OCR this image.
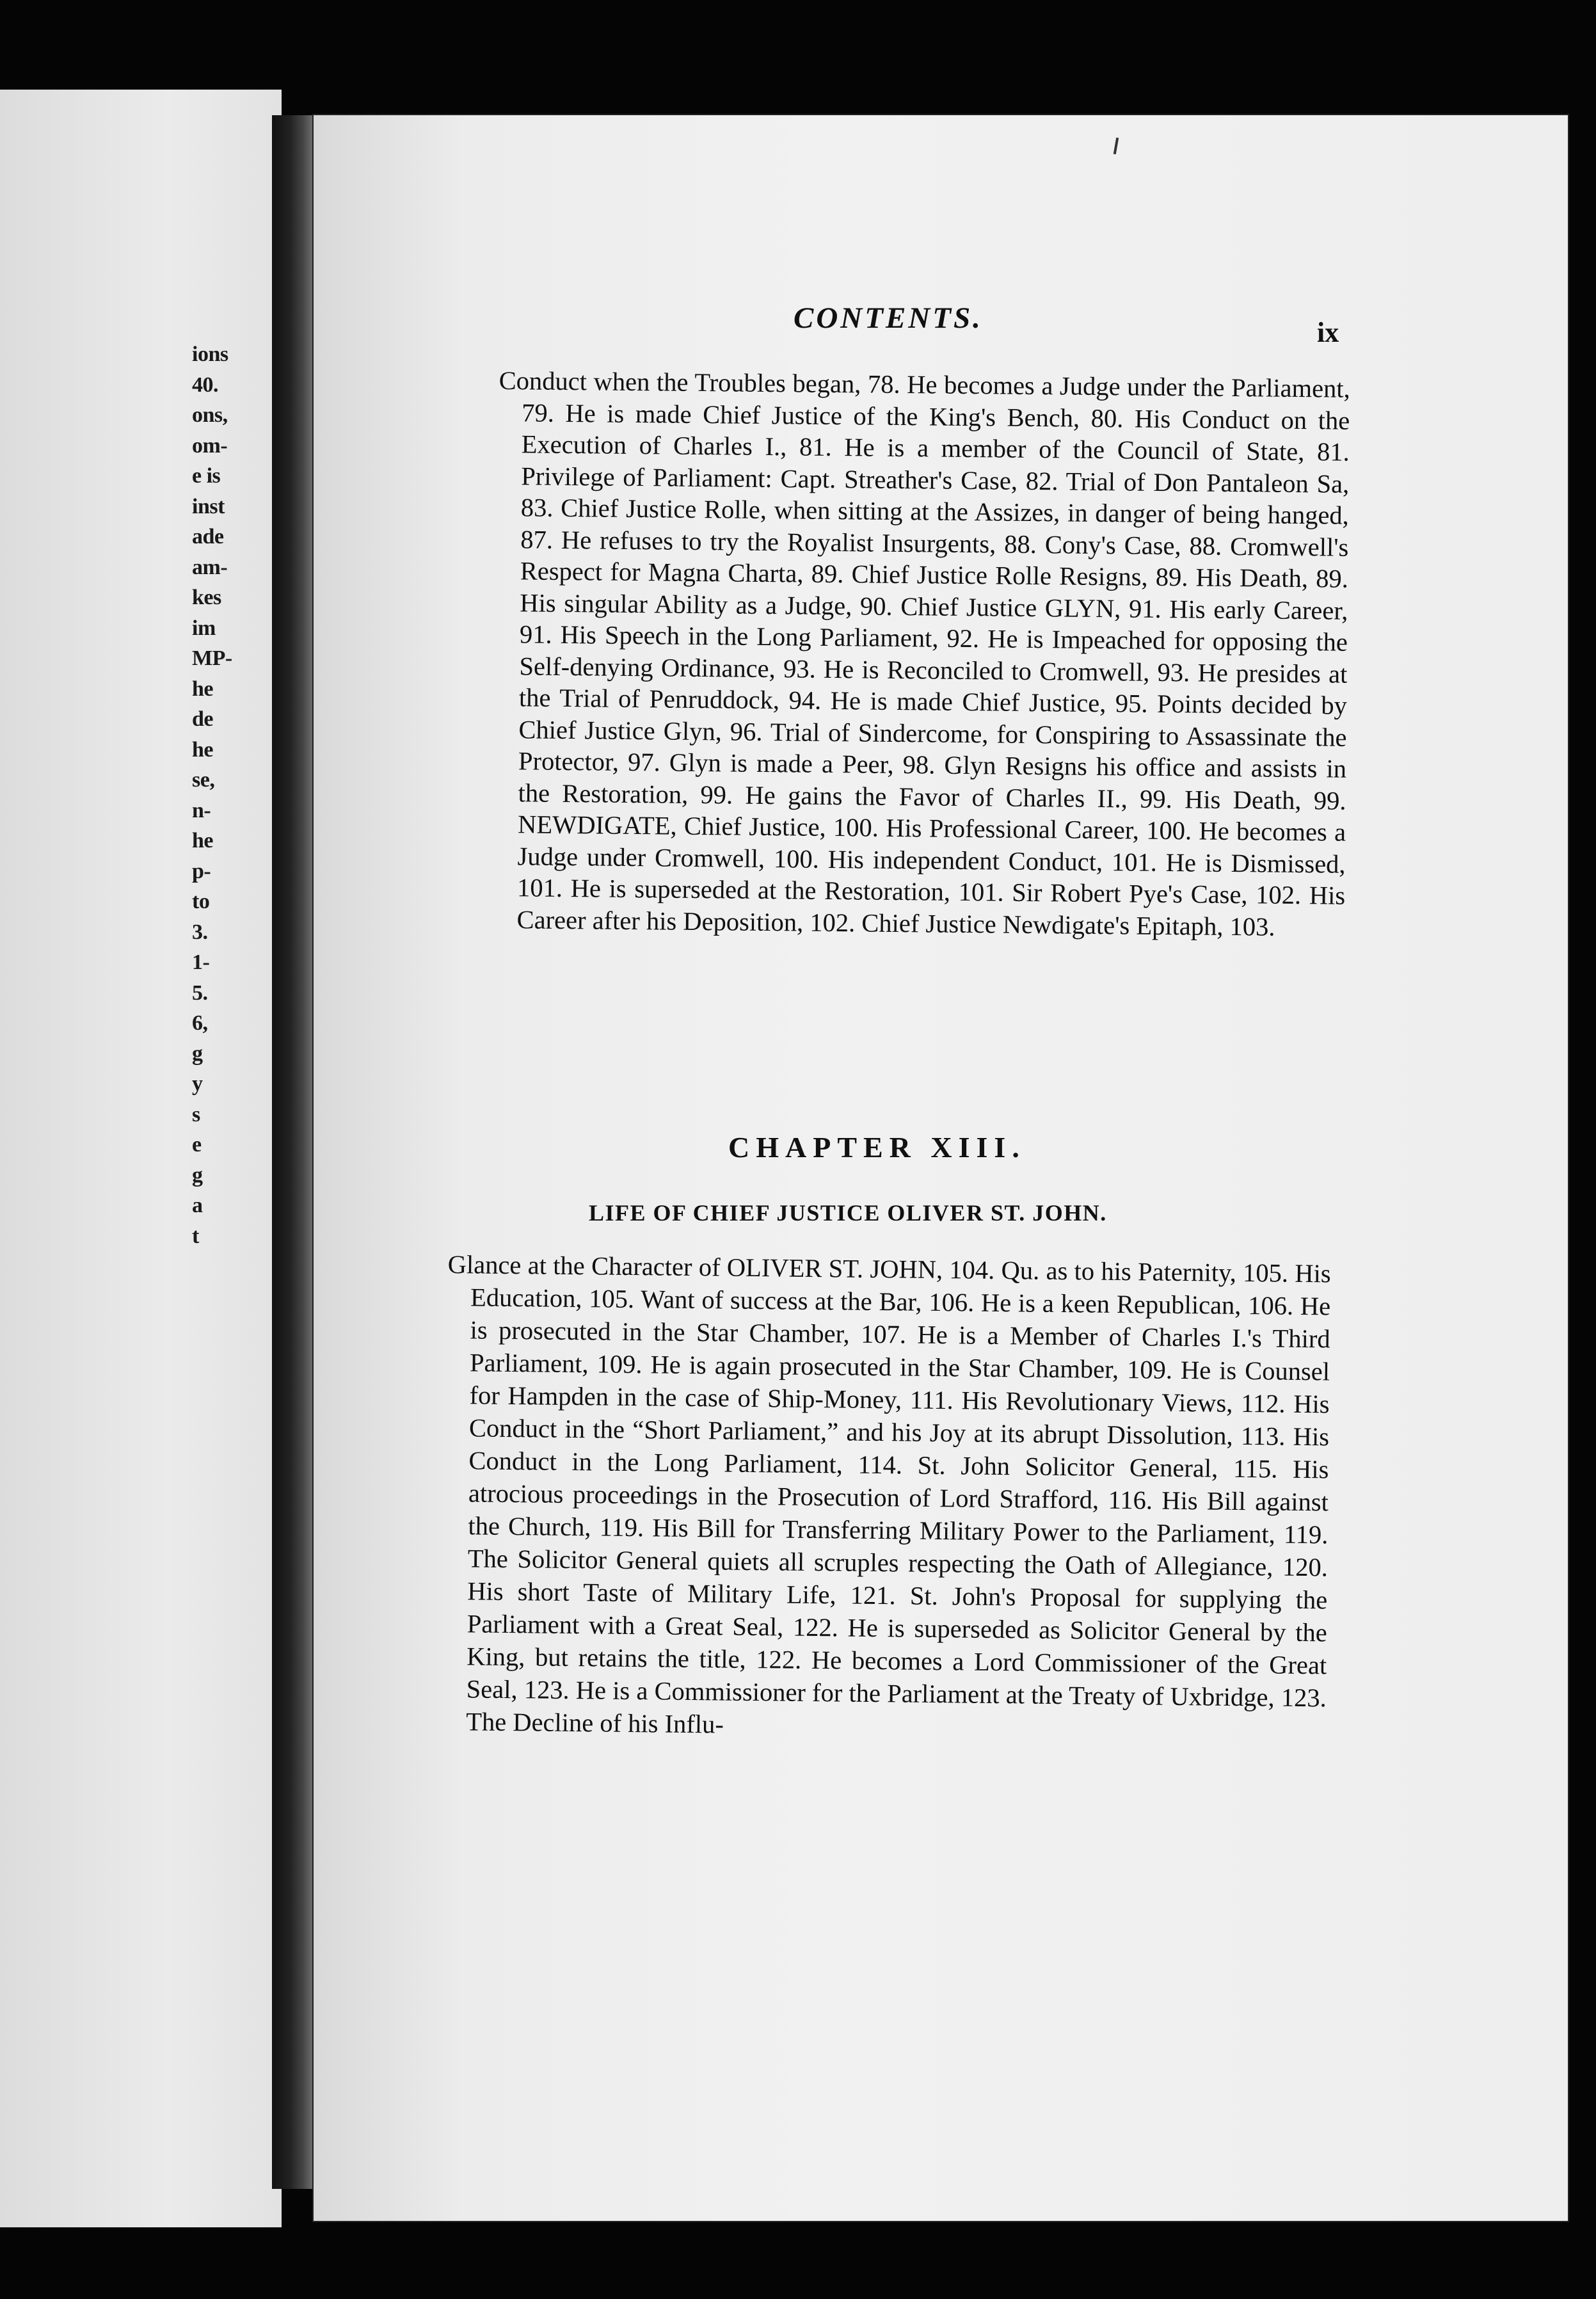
ions
40.
ons,
om-
e is
inst
ade
am-
kes
im
MP-
he
de
he
se,
n-
he
p-
to
3.
1-
5.
6,
g
y
s
e
g
a
t
CONTENTS.	ix

Conduct when the Troubles began, 78. He becomes a Judge under the Parliament, 79. He is made Chief Justice of the King's Bench, 80. His Conduct on the Execution of Charles I., 81. He is a member of the Council of State, 81. Privilege of Parliament: Capt. Streather's Case, 82. Trial of Don Pantaleon Sa, 83. Chief Justice Rolle, when sitting at the Assizes, in danger of being hanged, 87. He refuses to try the Royalist Insurgents, 88. Cony's Case, 88. Cromwell's Respect for Magna Charta, 89. Chief Justice Rolle Resigns, 89. His Death, 89. His singular Ability as a Judge, 90. Chief Justice GLYN, 91. His early Career, 91. His Speech in the Long Parliament, 92. He is Impeached for opposing the Self-denying Ordinance, 93. He is Reconciled to Cromwell, 93. He presides at the Trial of Penruddock, 94. He is made Chief Justice, 95. Points decided by Chief Justice Glyn, 96. Trial of Sindercome, for Conspiring to Assassinate the Protector, 97. Glyn is made a Peer, 98. Glyn Resigns his office and assists in the Restoration, 99. He gains the Favor of Charles II., 99. His Death, 99. NEWDIGATE, Chief Justice, 100. His Professional Career, 100. He becomes a Judge under Cromwell, 100. His independent Conduct, 101. He is Dismissed, 101. He is superseded at the Restoration, 101. Sir Robert Pye's Case, 102. His Career after his Deposition, 102. Chief Justice Newdigate's Epitaph, 103.

CHAPTER XIII.
LIFE OF CHIEF JUSTICE OLIVER ST. JOHN.

Glance at the Character of OLIVER ST. JOHN, 104. Qu. as to his Paternity, 105. His Education, 105. Want of success at the Bar, 106. He is a keen Republican, 106. He is prosecuted in the Star Chamber, 107. He is a Member of Charles I.'s Third Parliament, 109. He is again prosecuted in the Star Chamber, 109. He is Counsel for Hampden in the case of Ship-Money, 111. His Revolutionary Views, 112. His Conduct in the “Short Parliament,” and his Joy at its abrupt Dissolution, 113. His Conduct in the Long Parliament, 114. St. John Solicitor General, 115. His atrocious proceedings in the Prosecution of Lord Strafford, 116. His Bill against the Church, 119. His Bill for Transferring Military Power to the Parliament, 119. The Solicitor General quiets all scruples respecting the Oath of Allegiance, 120. His short Taste of Military Life, 121. St. John's Proposal for supplying the Parliament with a Great Seal, 122. He is superseded as Solicitor General by the King, but retains the title, 122. He becomes a Lord Commissioner of the Great Seal, 123. He is a Commissioner for the Parliament at the Treaty of Uxbridge, 123. The Decline of his Influ-
